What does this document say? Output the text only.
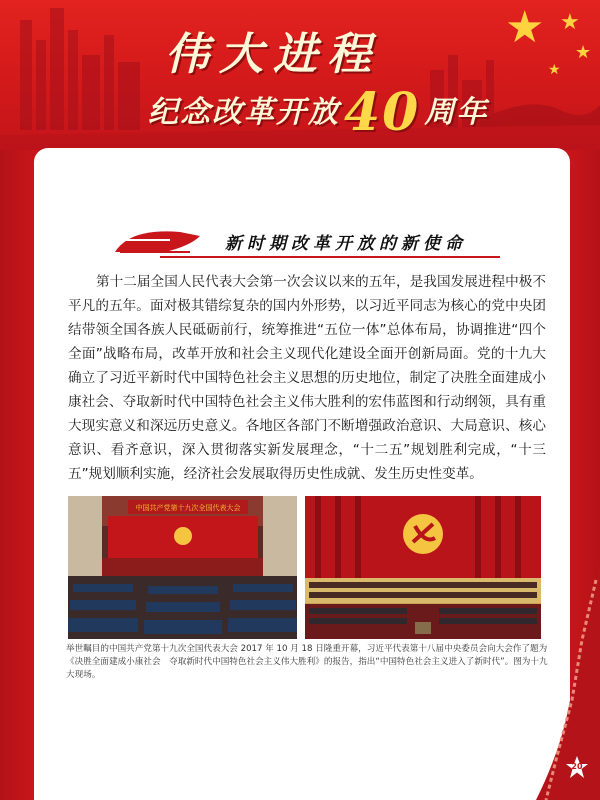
★ ★
★
★
伟大进程
纪念改革开放40 周年
新时期改革开放的新使命

第十二届全国人民代表大会第一次会议以来的五年，是我国发展进程中极不平凡的五年。面对极其错综复杂的国内外形势，以习近平同志为核心的党中央团结带领全国各族人民砥砺前行，统筹推进“五位一体”总体布局，协调推进“四个全面”战略布局，改革开放和社会主义现代化建设全面开创新局面。党的十九大确立了习近平新时代中国特色社会主义思想的历史地位，制定了决胜全面建成小康社会、夺取新时代中国特色社会主义伟大胜利的宏伟蓝图和行动纲领，具有重大现实意义和深远历史意义。各地区各部门不断增强政治意识、大局意识、核心意识、看齐意识，深入贯彻落实新发展理念，“十二五”规划胜利完成，“十三五”规划顺利实施，经济社会发展取得历史性成就、发生历史性变革。

中国共产党第十九次全国代表大会

举世瞩目的中国共产党第十九次全国代表大会 2017 年 10 月 18 日隆重开幕，习近平代表第十八届中央委员会向大会作了题为《决胜全面建成小康社会　夺取新时代中国特色社会主义伟大胜利》的报告，指出“中国特色社会主义进入了新时代”。图为十九大现场。

20
